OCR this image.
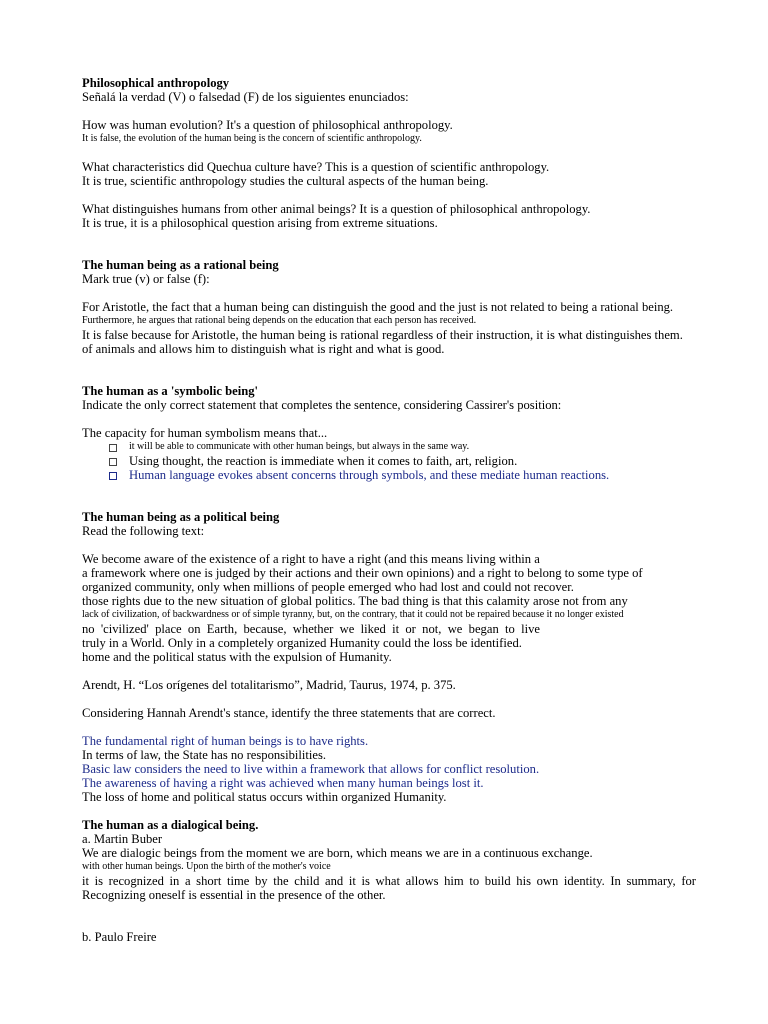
Philosophical anthropology
Señalá la verdad (V) o falsedad (F) de los siguientes enunciados:
How was human evolution? It's a question of philosophical anthropology.
It is false, the evolution of the human being is the concern of scientific anthropology.
What characteristics did Quechua culture have? This is a question of scientific anthropology.
It is true, scientific anthropology studies the cultural aspects of the human being.
What distinguishes humans from other animal beings? It is a question of philosophical anthropology.
It is true, it is a philosophical question arising from extreme situations.
The human being as a rational being
Mark true (v) or false (f):
For Aristotle, the fact that a human being can distinguish the good and the just is not related to being a rational being.
Furthermore, he argues that rational being depends on the education that each person has received.
It is false because for Aristotle, the human being is rational regardless of their instruction, it is what distinguishes them.
of animals and allows him to distinguish what is right and what is good.
The human as a 'symbolic being'
Indicate the only correct statement that completes the sentence, considering Cassirer's position:
The capacity for human symbolism means that...
it will be able to communicate with other human beings, but always in the same way.
Using thought, the reaction is immediate when it comes to faith, art, religion.
Human language evokes absent concerns through symbols, and these mediate human reactions.
The human being as a political being
Read the following text:
We become aware of the existence of a right to have a right (and this means living within a
a framework where one is judged by their actions and their own opinions) and a right to belong to some type of
organized community, only when millions of people emerged who had lost and could not recover.
those rights due to the new situation of global politics. The bad thing is that this calamity arose not from any
lack of civilization, of backwardness or of simple tyranny, but, on the contrary, that it could not be repaired because it no longer existed
no 'civilized' place on Earth, because, whether we liked it or not, we began to live
truly in a World. Only in a completely organized Humanity could the loss be identified.
home and the political status with the expulsion of Humanity.
Arendt, H. “Los orígenes del totalitarismo”, Madrid, Taurus, 1974, p. 375.
Considering Hannah Arendt's stance, identify the three statements that are correct.
The fundamental right of human beings is to have rights.
In terms of law, the State has no responsibilities.
Basic law considers the need to live within a framework that allows for conflict resolution.
The awareness of having a right was achieved when many human beings lost it.
The loss of home and political status occurs within organized Humanity.
The human as a dialogical being.
a. Martin Buber
We are dialogic beings from the moment we are born, which means we are in a continuous exchange.
with other human beings. Upon the birth of the mother's voice
it is recognized in a short time by the child and it is what allows him to build his own identity. In summary, for
Recognizing oneself is essential in the presence of the other.
b. Paulo Freire
